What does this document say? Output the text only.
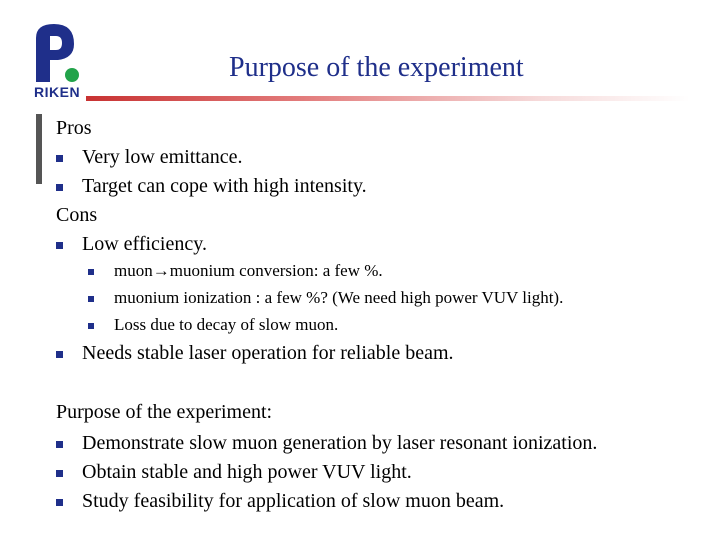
RIKEN
Purpose of the experiment
Pros
Very low emittance.
Target can cope with high intensity.
Cons
Low efficiency.
muon→muonium conversion: a few %.
muonium ionization : a few %? (We need high power VUV light).
Loss due to decay of slow muon.
Needs stable laser operation for reliable beam.
Purpose of the experiment:
Demonstrate slow muon generation by laser resonant ionization.
Obtain stable and high power VUV light.
Study feasibility for application of slow muon beam.
